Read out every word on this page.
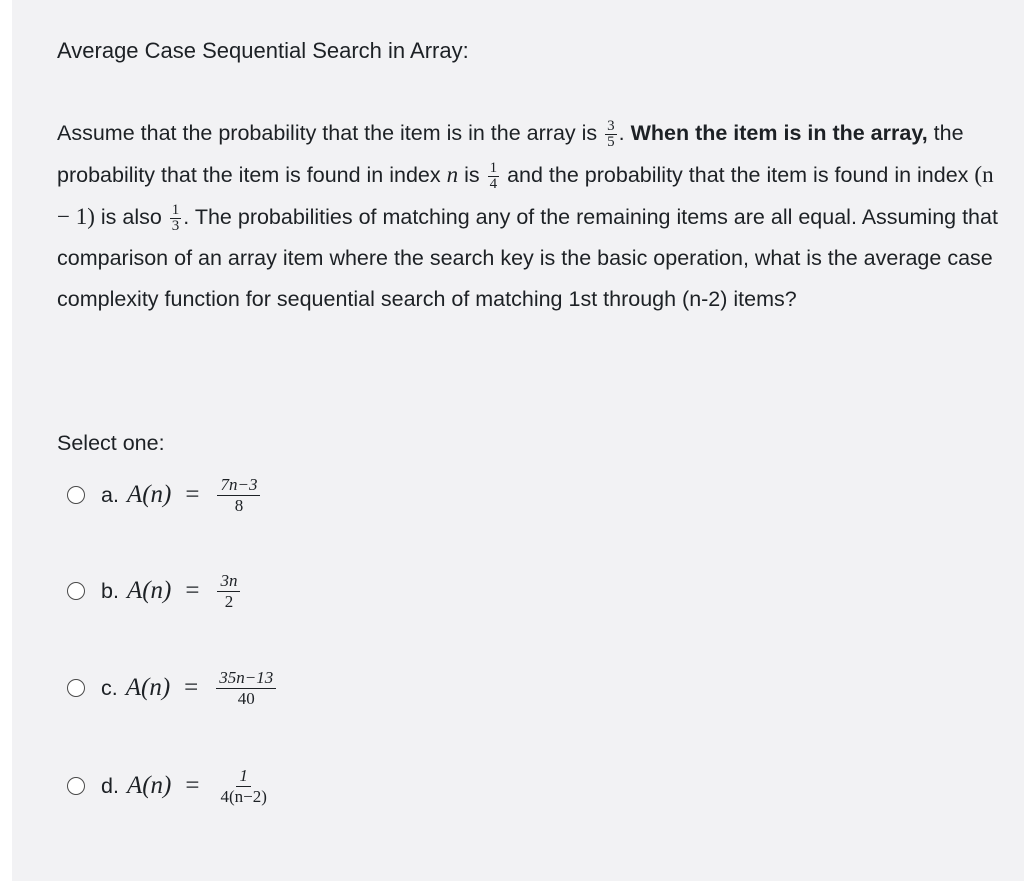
Average Case Sequential Search in Array:

Assume that the probability that the item is in the array is $\frac{3}{5}$ . When the item is in the array, the probability that the item is found in index n is $\frac{1}{4}$ and the probability that the item is found in index (n − 1) is also $\frac{1}{3}$ . The probabilities of matching any of the remaining items are all equal. Assuming that comparison of an array item where the search key is the basic operation, what is the average case complexity function for sequential search of matching 1st through (n-2) items?

Select one:
a. $A(n) = \frac{7n-3}{8}$
b. $A(n) = \frac{3n}{2}$
c. $A(n) = \frac{35n-13}{40}$
d. $A(n) = \frac{1}{4(n-2)}$
